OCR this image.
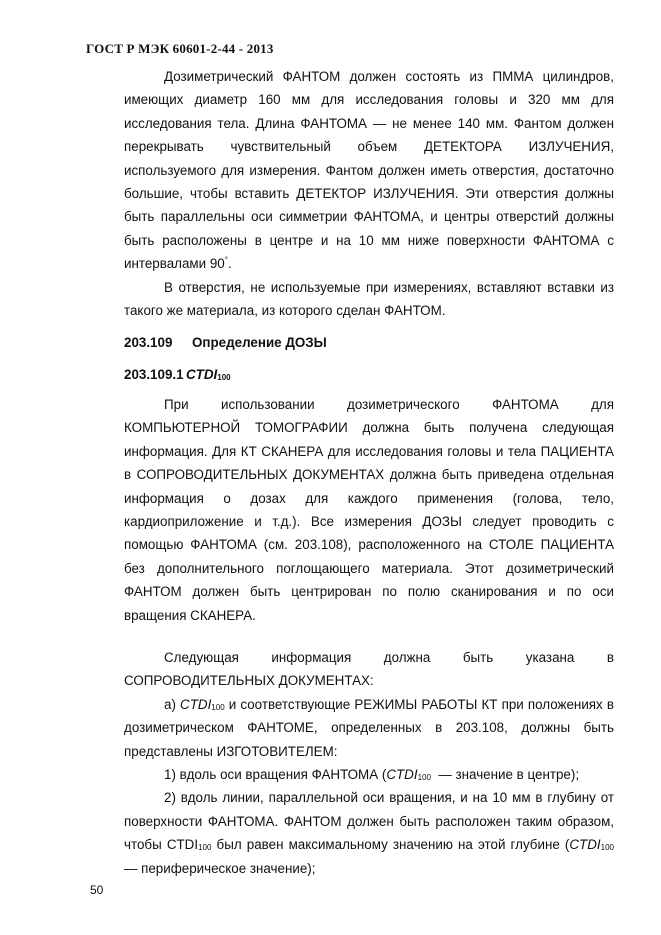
ГОСТ Р МЭК 60601-2-44 - 2013

Дозиметрический ФАНТОМ должен состоять из ПММА цилиндров, имеющих диаметр 160 мм для исследования головы и 320 мм для исследования тела. Длина ФАНТОМА — не менее 140 мм. Фантом должен перекрывать чувствительный объем ДЕТЕКТОРА ИЗЛУЧЕНИЯ, используемого для измерения. Фантом должен иметь отверстия, достаточно большие, чтобы вставить ДЕТЕКТОР ИЗЛУЧЕНИЯ. Эти отверстия должны быть параллельны оси симметрии ФАНТОМА, и центры отверстий должны быть расположены в центре и на 10 мм ниже поверхности ФАНТОМА с интервалами 90°.

В отверстия, не используемые при измерениях, вставляют вставки из такого же материала, из которого сделан ФАНТОМ.

203.109 Определение ДОЗЫ

203.109.1 $CTDI_{100}$

При использовании дозиметрического ФАНТОМА для КОМПЬЮТЕРНОЙ ТОМОГРАФИИ должна быть получена следующая информация. Для КТ СКАНЕРА для исследования головы и тела ПАЦИЕНТА в СОПРОВОДИТЕЛЬНЫХ ДОКУМЕНТАХ должна быть приведена отдельная информация о дозах для каждого применения (голова, тело, кардиоприложение и т.д.). Все измерения ДОЗЫ следует проводить с помощью ФАНТОМА (см. 203.108), расположенного на СТОЛЕ ПАЦИЕНТА без дополнительного поглощающего материала. Этот дозиметрический ФАНТОМ должен быть центрирован по полю сканирования и по оси вращения СКАНЕРА.

Следующая информация должна быть указана в СОПРОВОДИТЕЛЬНЫХ ДОКУМЕНТАХ:

а) $CTDI_{100}$ и соответствующие РЕЖИМЫ РАБОТЫ КТ при положениях в дозиметрическом ФАНТОМЕ, определенных в 203.108, должны быть представлены ИЗГОТОВИТЕЛЕМ:

1) вдоль оси вращения ФАНТОМА ($CTDI_{100}$ — значение в центре);

2) вдоль линии, параллельной оси вращения, и на 10 мм в глубину от поверхности ФАНТОМА. ФАНТОМ должен быть расположен таким образом, чтобы $CTDI_{100}$ был равен максимальному значению на этой глубине ($CTDI_{100}$ — периферическое значение);

50
